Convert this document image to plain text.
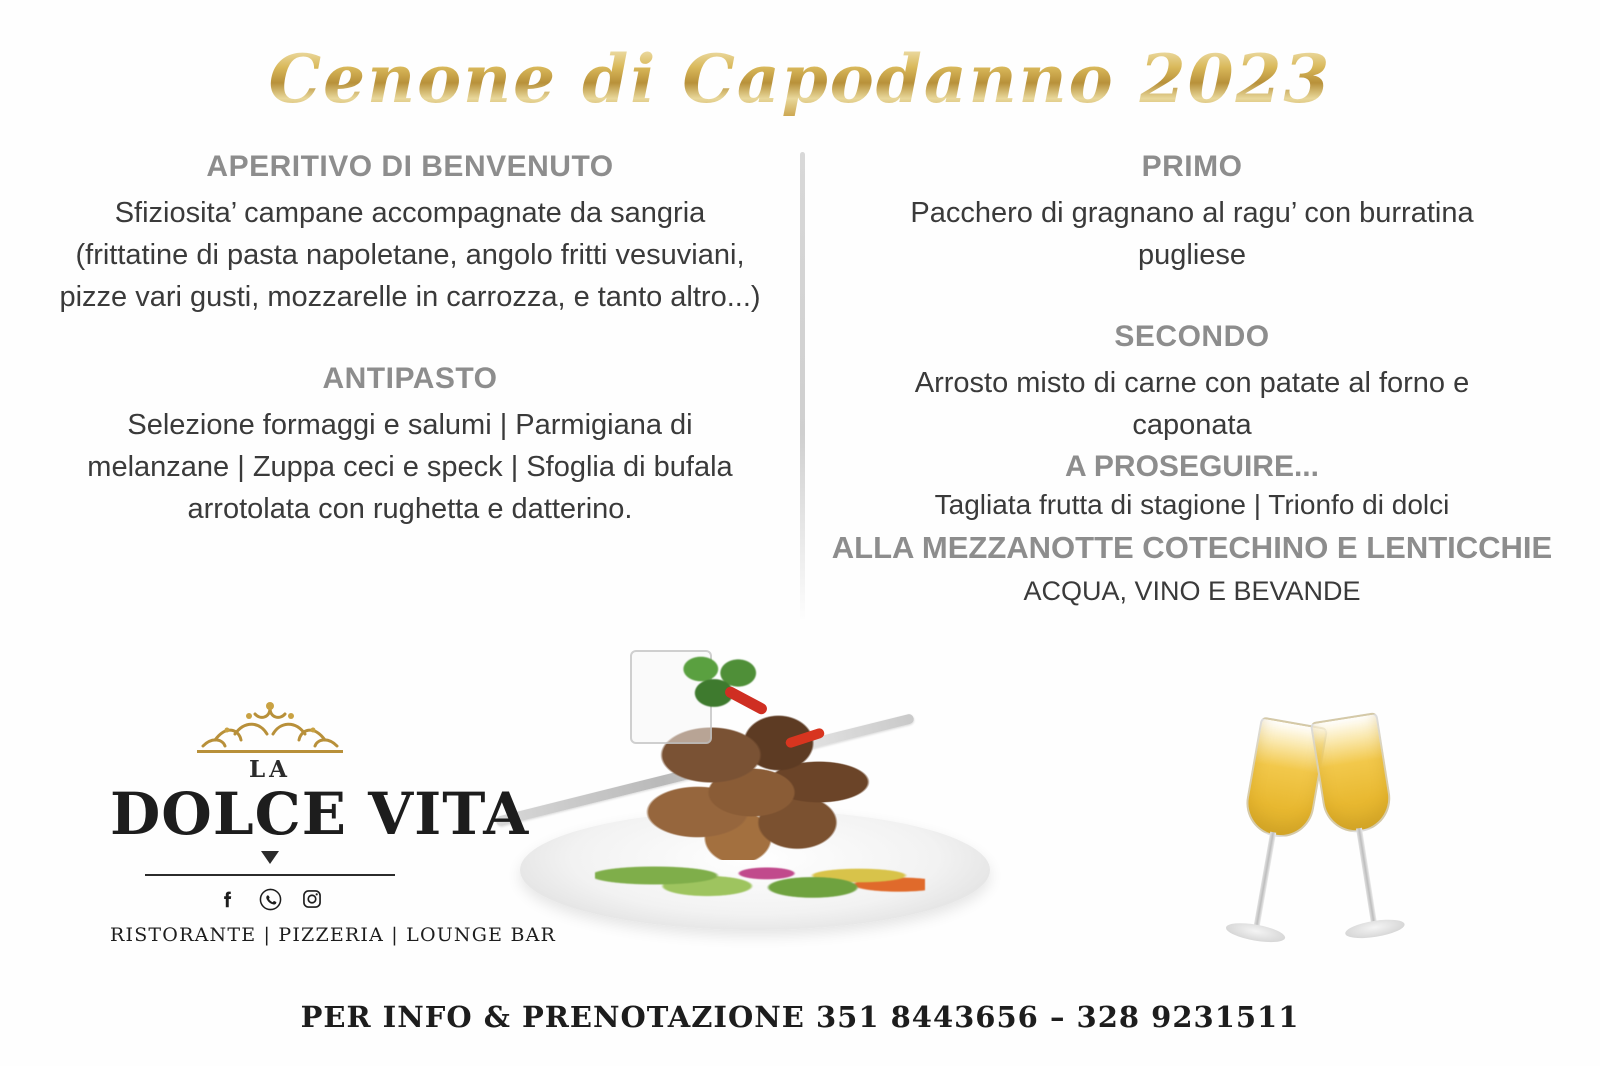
Cenone di Capodanno 2023

APERITIVO DI BENVENUTO

Sfiziosita’ campane accompagnate da sangria

(frittatine di pasta napoletane, angolo fritti vesuviani,

pizze vari gusti, mozzarelle in carrozza, e tanto altro...)

ANTIPASTO

Selezione formaggi e salumi | Parmigiana di

melanzane | Zuppa ceci e speck | Sfoglia di bufala

arrotolata con rughetta e datterino.

PRIMO

Pacchero di gragnano al ragu’ con burratina

pugliese

SECONDO

Arrosto misto di carne con patate al forno e

caponata

A PROSEGUIRE...

Tagliata frutta di stagione | Trionfo di dolci

ALLA MEZZANOTTE COTECHINO E LENTICCHIE

ACQUA, VINO E BEVANDE

LA
DOLCE VITA
RISTORANTE | PIZZERIA | LOUNGE BAR
PER INFO & PRENOTAZIONE 351 8443656 – 328 9231511
